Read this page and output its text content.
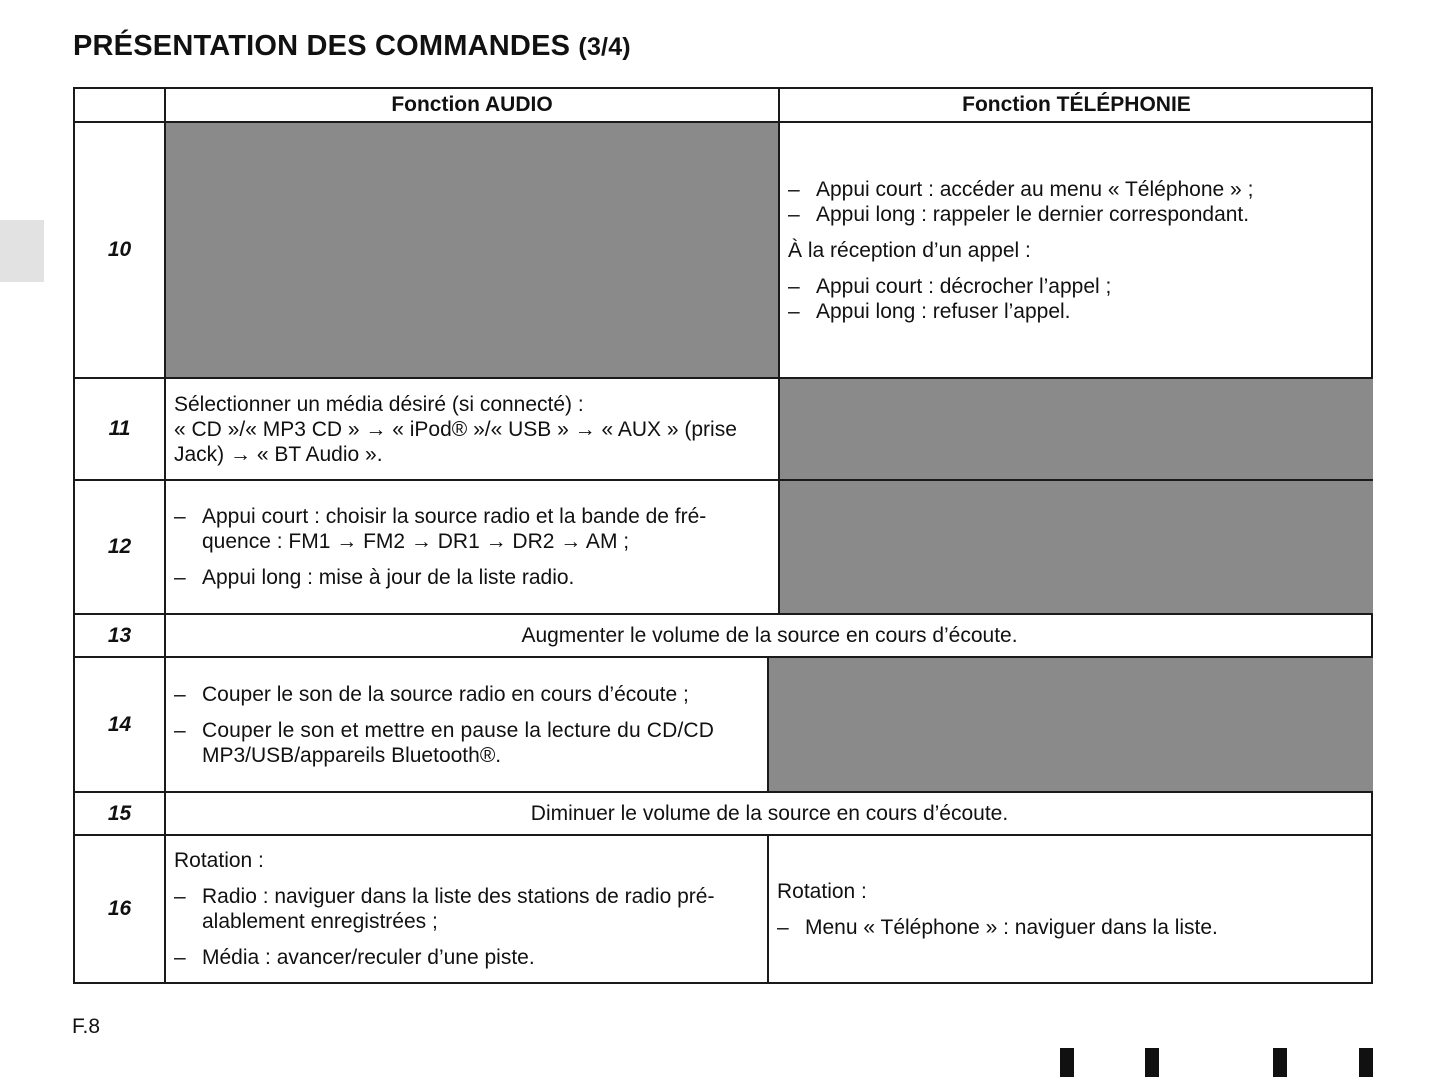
PRÉSENTATION DES COMMANDES (3/4)
Fonction AUDIO	Fonction TÉLÉPHONIE
10
11
12
13
14
15
16

– Appui court : accéder au menu « Téléphone » ;

– Appui long : rappeler le dernier correspondant.

À la réception d’un appel :

– Appui court : décrocher l’appel ;

– Appui long : refuser l’appel.

Sélectionner un média désiré (si connecté) :

« CD »/« MP3 CD » → « iPod® »/« USB » → « AUX » (prise

Jack) → « BT Audio ».

– Appui court : choisir la source radio et la bande de fré-

quence : FM1 → FM2 → DR1 → DR2 → AM ;

– Appui long : mise à jour de la liste radio.

Augmenter le volume de la source en cours d’écoute.

– Couper le son de la source radio en cours d’écoute ;

– Couper le son et mettre en pause la lecture du CD/CD

MP3/USB/appareils Bluetooth®.

Diminuer le volume de la source en cours d’écoute.

Rotation :

– Radio : naviguer dans la liste des stations de radio pré-

alablement enregistrées ;

– Média : avancer/reculer d’une piste.

Rotation :

– Menu « Téléphone » : naviguer dans la liste.

F.8
